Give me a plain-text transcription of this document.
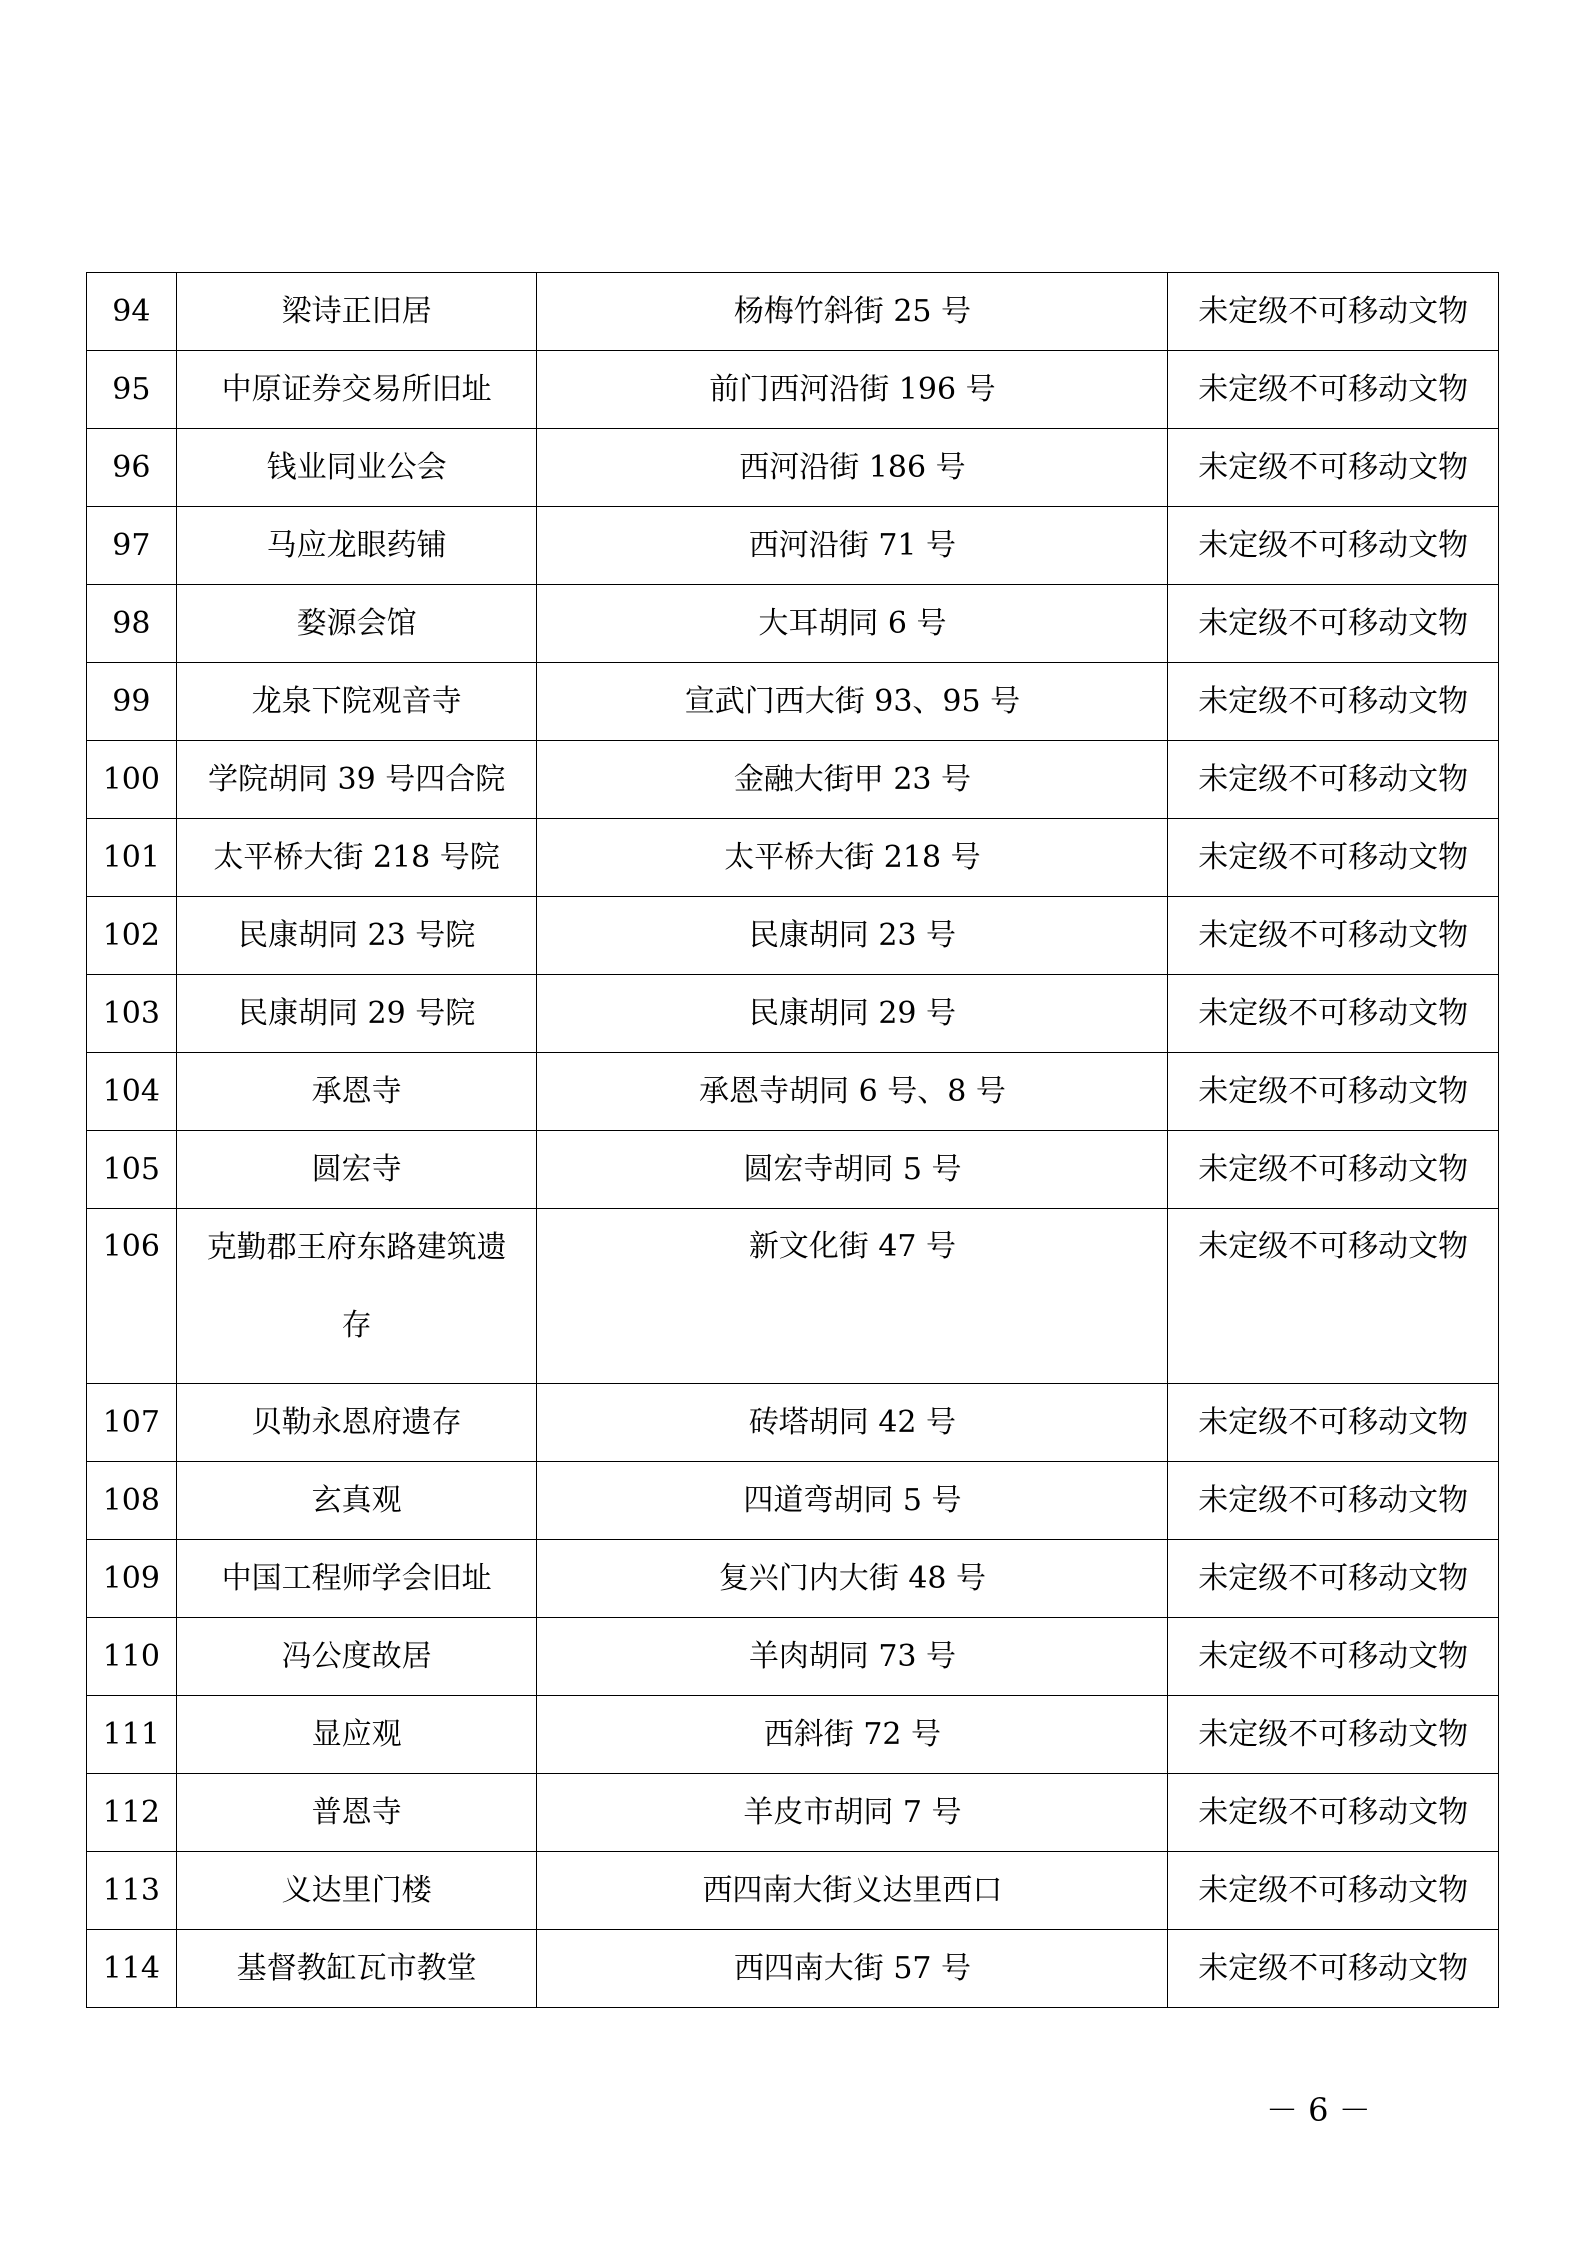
94	梁诗正旧居	杨梅竹斜街 25 号	未定级不可移动文物
95	中原证券交易所旧址	前门西河沿街 196 号	未定级不可移动文物
96	钱业同业公会	西河沿街 186 号	未定级不可移动文物
97	马应龙眼药铺	西河沿街 71 号	未定级不可移动文物
98	婺源会馆	大耳胡同 6 号	未定级不可移动文物
99	龙泉下院观音寺	宣武门西大街 93、95 号	未定级不可移动文物
100	学院胡同 39 号四合院	金融大街甲 23 号	未定级不可移动文物
101	太平桥大街 218 号院	太平桥大街 218 号	未定级不可移动文物
102	民康胡同 23 号院	民康胡同 23 号	未定级不可移动文物
103	民康胡同 29 号院	民康胡同 29 号	未定级不可移动文物
104	承恩寺	承恩寺胡同 6 号、8 号	未定级不可移动文物
105	圆宏寺	圆宏寺胡同 5 号	未定级不可移动文物
106	克勤郡王府东路建筑遗存	新文化街 47 号	未定级不可移动文物
107	贝勒永恩府遗存	砖塔胡同 42 号	未定级不可移动文物
108	玄真观	四道弯胡同 5 号	未定级不可移动文物
109	中国工程师学会旧址	复兴门内大街 48 号	未定级不可移动文物
110	冯公度故居	羊肉胡同 73 号	未定级不可移动文物
111	显应观	西斜街 72 号	未定级不可移动文物
112	普恩寺	羊皮市胡同 7 号	未定级不可移动文物
113	义达里门楼	西四南大街义达里西口	未定级不可移动文物
114	基督教缸瓦市教堂	西四南大街 57 号	未定级不可移动文物
－ 6 －
